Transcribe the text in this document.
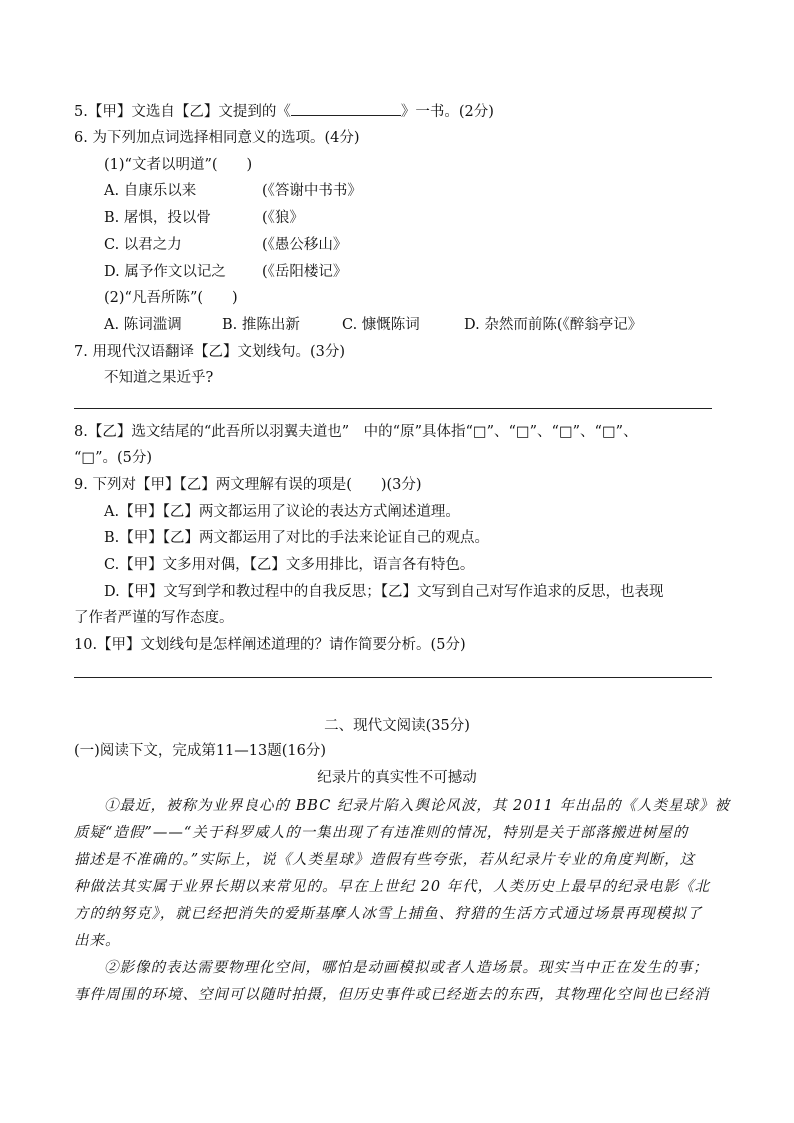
5.【甲】文选自【乙】文提到的《	》一书。(2分)
6. 为下列加点词选择相同意义的选项。(4分)
(1)“文者以明道”(　　)
A. 自康乐以来	(《答谢中书书》
B. 屠惧，投以骨	(《狼》
C. 以君之力	(《愚公移山》
D. 属予作文以记之 (《岳阳楼记》
(2)“凡吾所陈”(　　)
A. 陈词滥调	B. 推陈出新	C. 慷慨陈词	D. 杂然而前陈(《醉翁亭记》
7. 用现代汉语翻译【乙】文划线句。(3分)
不知道之果近乎?
8.【乙】选文结尾的“此吾所以羽翼夫道也”　中的“原”具体指“□”、“□”、“□”、“□”、
“□”。(5分)
9. 下列对【甲】【乙】两文理解有误的项是(　　)(3分)
A.【甲】【乙】两文都运用了议论的表达方式阐述道理。
B.【甲】【乙】两文都运用了对比的手法来论证自己的观点。
C.【甲】文多用对偶，【乙】文多用排比，语言各有特色。
D.【甲】文写到学和教过程中的自我反思；【乙】文写到自己对写作追求的反思，也表现
了作者严谨的写作态度。
10.【甲】文划线句是怎样阐述道理的？请作简要分析。(5分)
二、现代文阅读(35分)
(一)阅读下文，完成第11—13题(16分)
纪录片的真实性不可撼动
①最近，被称为业界良心的 BBC 纪录片陷入舆论风波，其 2011 年出品的《人类星球》被
质疑“造假”——“关于科罗威人的一集出现了有违准则的情况，特别是关于部落搬进树屋的
描述是不准确的。”实际上，说《人类星球》造假有些夸张，若从纪录片专业的角度判断，这
种做法其实属于业界长期以来常见的。早在上世纪 20 年代，人类历史上最早的纪录电影《北
方的纳努克》，就已经把消失的爱斯基摩人冰雪上捕鱼、狩猎的生活方式通过场景再现模拟了
出来。
②影像的表达需要物理化空间，哪怕是动画模拟或者人造场景。现实当中正在发生的事；
事件周围的环境、空间可以随时拍摄，但历史事件或已经逝去的东西，其物理化空间也已经消
